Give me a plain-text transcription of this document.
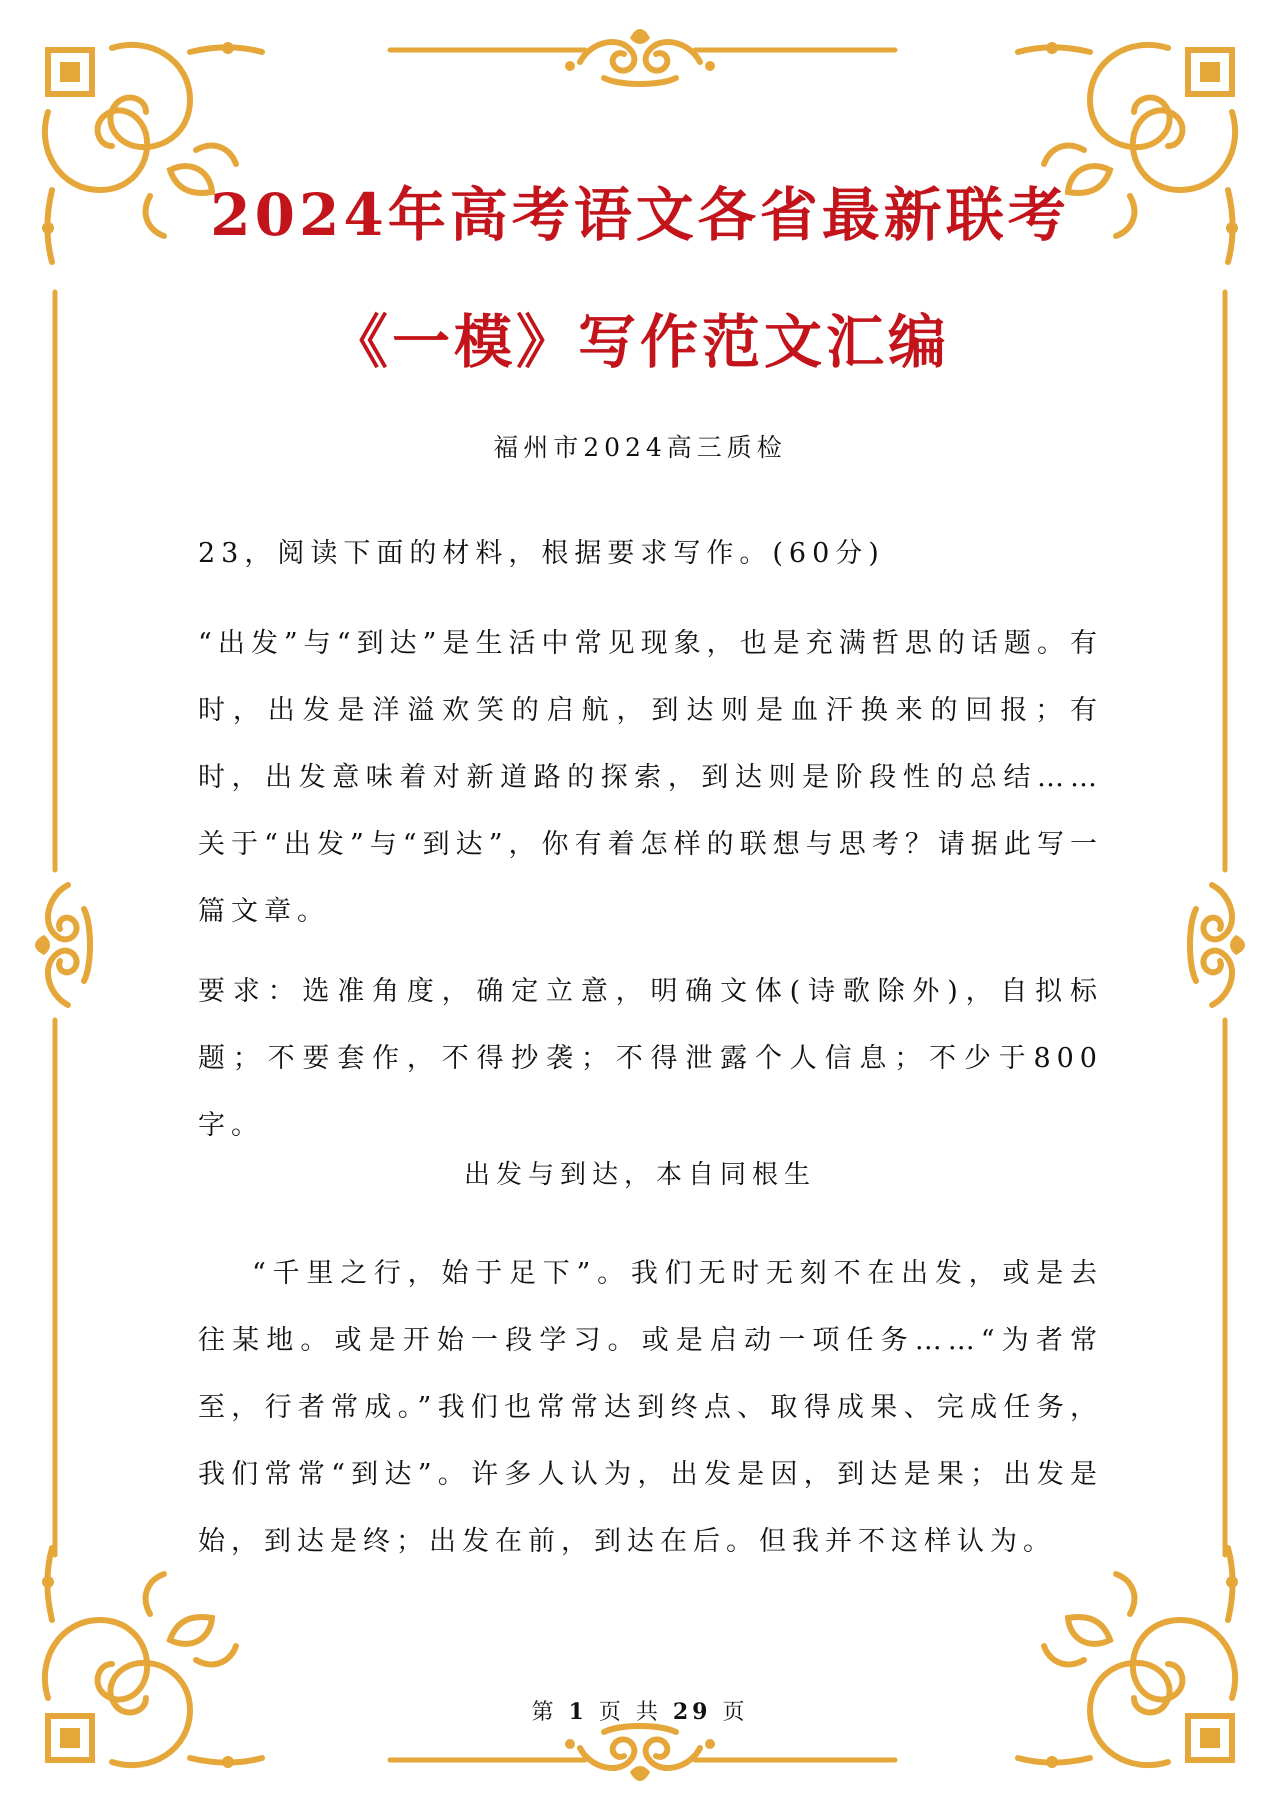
2024年高考语文各省最新联考
《一模》写作范文汇编
福州市2024高三质检

23，阅读下面的材料，根据要求写作。(60分)

“出发”与“到达”是生活中常见现象，也是充满哲思的话题。有时，出发是洋溢欢笑的启航，到达则是血汗换来的回报；有时，出发意味着对新道路的探索，到达则是阶段性的总结……关于“出发”与“到达”，你有着怎样的联想与思考？请据此写一篇文章。

要求：选准角度，确定立意，明确文体(诗歌除外)，自拟标题；不要套作，不得抄袭；不得泄露个人信息；不少于800字。

出发与到达，本自同根生

“千里之行，始于足下”。我们无时无刻不在出发，或是去往某地。或是开始一段学习。或是启动一项任务……“为者常至，行者常成。”我们也常常达到终点、取得成果、完成任务，我们常常“到达”。许多人认为，出发是因，到达是果；出发是始，到达是终；出发在前，到达在后。但我并不这样认为。

第 1 页 共 29 页
